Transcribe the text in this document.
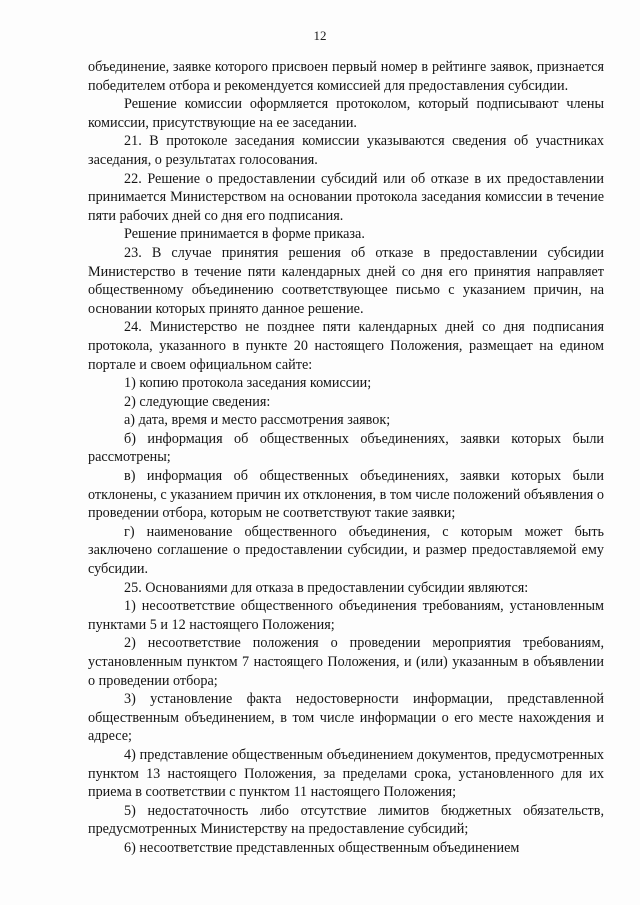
12

объединение, заявке которого присвоен первый номер в рейтинге заявок, признается победителем отбора и рекомендуется комиссией для предоставления субсидии.

Решение комиссии оформляется протоколом, который подписывают члены комиссии, присутствующие на ее заседании.

21. В протоколе заседания комиссии указываются сведения об участниках заседания, о результатах голосования.

22. Решение о предоставлении субсидий или об отказе в их предоставлении принимается Министерством на основании протокола заседания комиссии в течение пяти рабочих дней со дня его подписания.

Решение принимается в форме приказа.

23. В случае принятия решения об отказе в предоставлении субсидии Министерство в течение пяти календарных дней со дня его принятия направляет общественному объединению соответствующее письмо с указанием причин, на основании которых принято данное решение.

24. Министерство не позднее пяти календарных дней со дня подписания протокола, указанного в пункте 20 настоящего Положения, размещает на едином портале и своем официальном сайте:

1) копию протокола заседания комиссии;

2) следующие сведения:

а) дата, время и место рассмотрения заявок;

б) информация об общественных объединениях, заявки которых были рассмотрены;

в) информация об общественных объединениях, заявки которых были отклонены, с указанием причин их отклонения, в том числе положений объявления о проведении отбора, которым не соответствуют такие заявки;

г) наименование общественного объединения, с которым может быть заключено соглашение о предоставлении субсидии, и размер предоставляемой ему субсидии.

25. Основаниями для отказа в предоставлении субсидии являются:

1) несоответствие общественного объединения требованиям, установленным пунктами 5 и 12 настоящего Положения;

2) несоответствие положения о проведении мероприятия требованиям, установленным пунктом 7 настоящего Положения, и (или) указанным в объявлении о проведении отбора;

3) установление факта недостоверности информации, представленной общественным объединением, в том числе информации о его месте нахождения и адресе;

4) представление общественным объединением документов, предусмотренных пунктом 13 настоящего Положения, за пределами срока, установленного для их приема в соответствии с пунктом 11 настоящего Положения;

5) недостаточность либо отсутствие лимитов бюджетных обязательств, предусмотренных Министерству на предоставление субсидий;

6) несоответствие представленных общественным объединением
